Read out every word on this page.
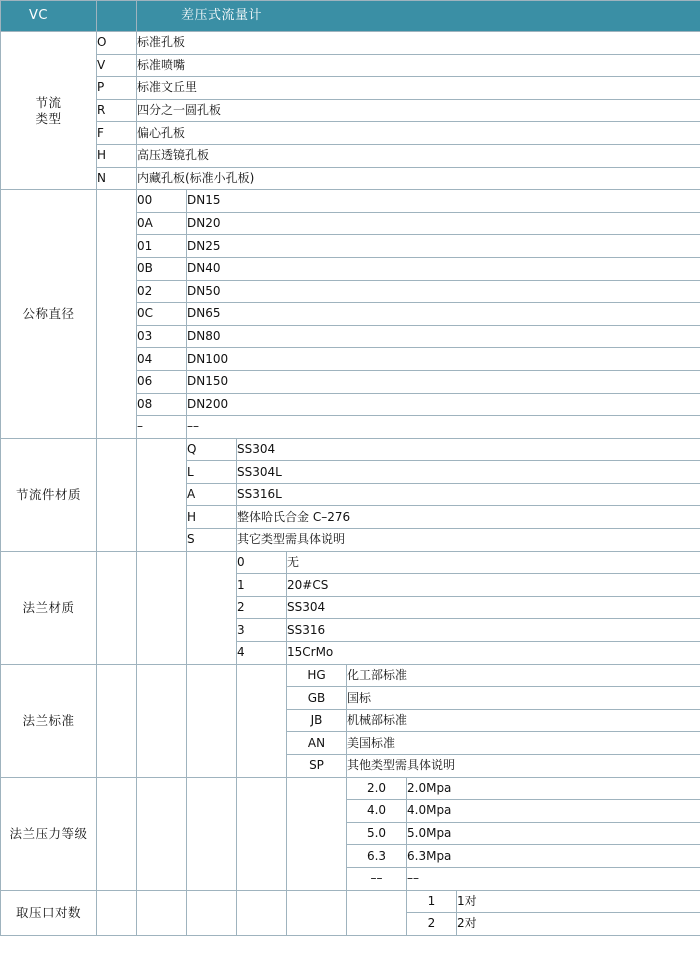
VC		差压式流量计						

节流
类型	O	标准孔板						
	V	标准喷嘴						
	P	标准文丘里						
	R	四分之一圆孔板						
	F	偏心孔板						
	H	高压透镜孔板						
	N	内藏孔板(标准小孔板)						

公称直径		00	DN15					
		0A	DN20					
		01	DN25					
		0B	DN40					
		02	DN50					
		0C	DN65					
		03	DN80					
		04	DN100					
		06	DN150					
		08	DN200					
		–	––					

节流件材质			Q	SS304				
			L	SS304L				
			A	SS316L				
			H	整体哈氏合金 C–276				
			S	其它类型需具体说明				

法兰材质				0	无			
				1	20#CS			
				2	SS304			
				3	SS316			
				4	15CrMo			

法兰标准					HG	化工部标准		
					GB	国标		
					JB	机械部标准		
					AN	美国标准		
					SP	其他类型需具体说明		

法兰压力等级						2.0	2.0Mpa	
						4.0	4.0Mpa	
						5.0	5.0Mpa	
						6.3	6.3Mpa	
						––	––	

取压口对数							1	1对
							2	2对
